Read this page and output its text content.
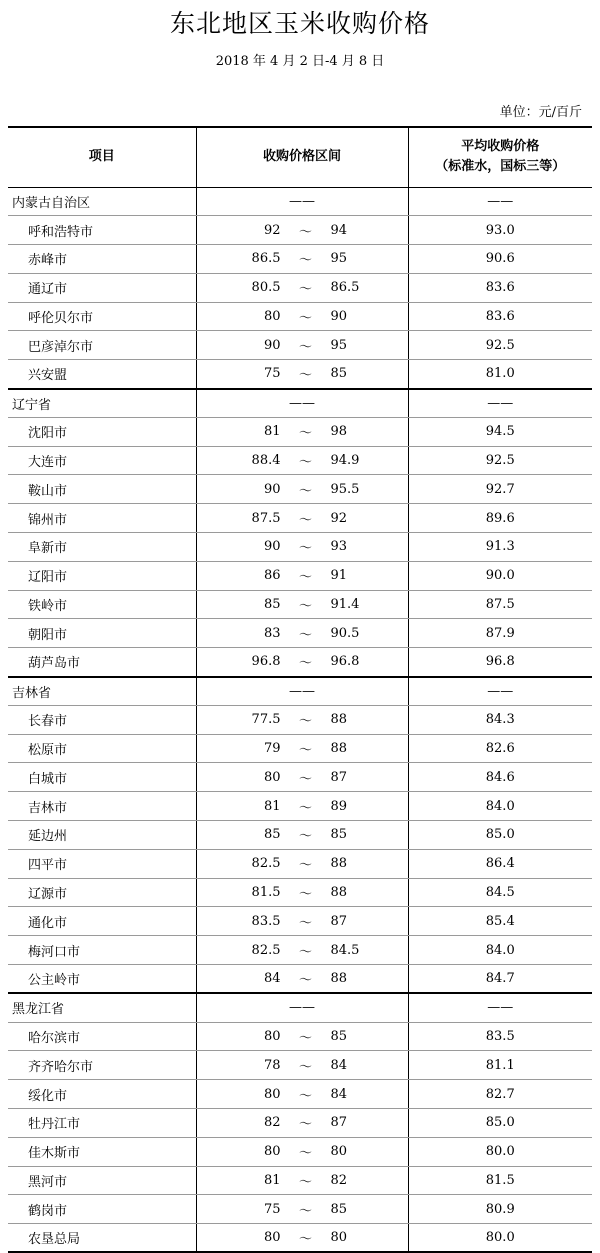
东北地区玉米收购价格
2018 年 4 月 2 日-4 月 8 日
单位：元/百斤
项目	收购价格区间	平均收购价格
（标准水，国标三等）
内蒙古自治区	——	——
呼和浩特市	92 ～ 94	93.0
赤峰市	86.5 ～ 95	90.6
通辽市	80.5 ～ 86.5	83.6
呼伦贝尔市	80 ～ 90	83.6
巴彦淖尔市	90 ～ 95	92.5
兴安盟	75 ～ 85	81.0
辽宁省	——	——
沈阳市	81 ～ 98	94.5
大连市	88.4 ～ 94.9	92.5
鞍山市	90 ～ 95.5	92.7
锦州市	87.5 ～ 92	89.6
阜新市	90 ～ 93	91.3
辽阳市	86 ～ 91	90.0
铁岭市	85 ～ 91.4	87.5
朝阳市	83 ～ 90.5	87.9
葫芦岛市	96.8 ～ 96.8	96.8
吉林省	——	——
长春市	77.5 ～ 88	84.3
松原市	79 ～ 88	82.6
白城市	80 ～ 87	84.6
吉林市	81 ～ 89	84.0
延边州	85 ～ 85	85.0
四平市	82.5 ～ 88	86.4
辽源市	81.5 ～ 88	84.5
通化市	83.5 ～ 87	85.4
梅河口市	82.5 ～ 84.5	84.0
公主岭市	84 ～ 88	84.7
黑龙江省	——	——
哈尔滨市	80 ～ 85	83.5
齐齐哈尔市	78 ～ 84	81.1
绥化市	80 ～ 84	82.7
牡丹江市	82 ～ 87	85.0
佳木斯市	80 ～ 80	80.0
黑河市	81 ～ 82	81.5
鹤岗市	75 ～ 85	80.9
农垦总局	80 ～ 80	80.0
